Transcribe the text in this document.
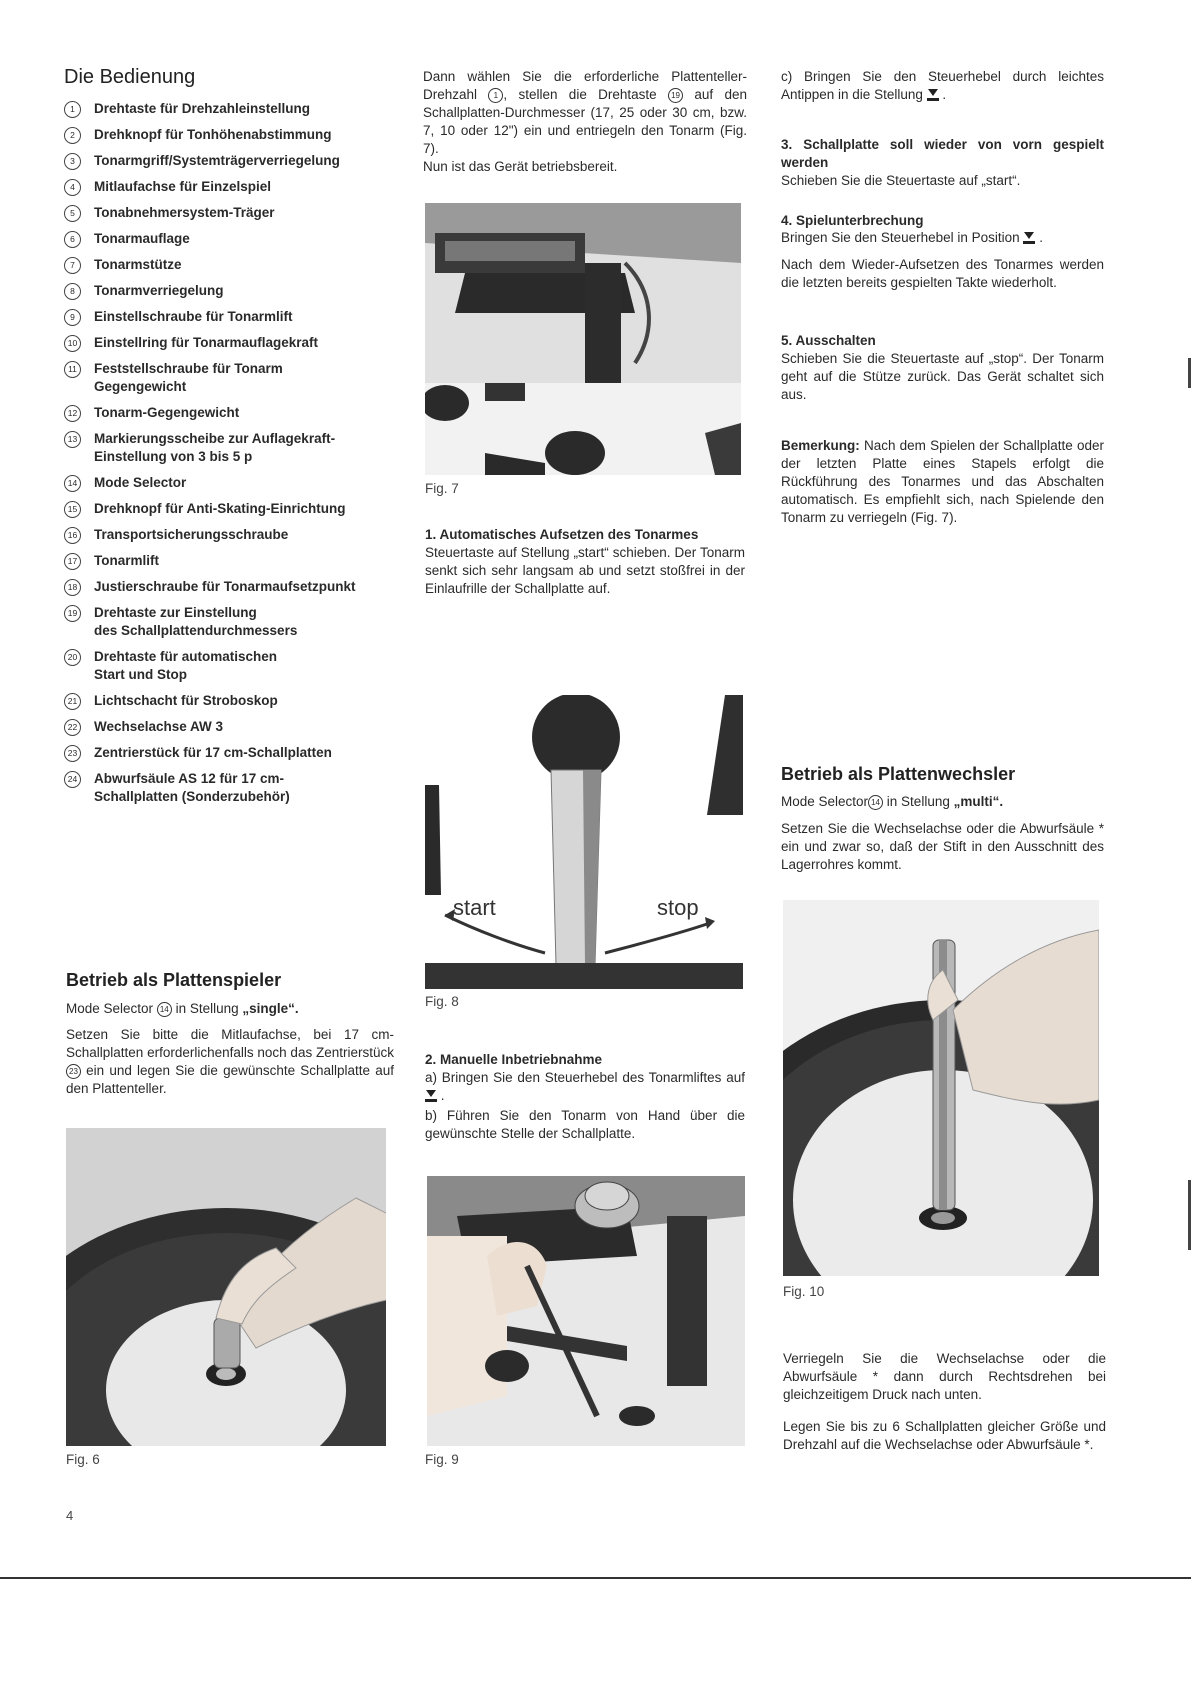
Die Bedienung
1	Drehtaste für Drehzahleinstellung
2	Drehknopf für Tonhöhenabstimmung
3	Tonarmgriff/Systemträgerverriegelung
4	Mitlaufachse für Einzelspiel
5	Tonabnehmersystem-Träger
6	Tonarmauflage
7	Tonarmstütze
8	Tonarmverriegelung
9	Einstellschraube für Tonarmlift
10 Einstellring für Tonarmauflagekraft
11	Feststellschraube für Tonarm
Gegengewicht
12 Tonarm-Gegengewicht
13 Markierungsscheibe zur Auflagekraft-
Einstellung von 3 bis 5 p
14 Mode Selector
15 Drehknopf für Anti-Skating-Einrichtung
16 Transportsicherungsschraube
17 Tonarmlift
18 Justierschraube für Tonarmaufsetzpunkt
19 Drehtaste zur Einstellung
des Schallplattendurchmessers
20 Drehtaste für automatischen
Start und Stop
21 Lichtschacht für Stroboskop
22 Wechselachse AW 3
23 Zentrierstück für 17 cm-Schallplatten
24 Abwurfsäule AS 12 für 17 cm-
Schallplatten (Sonderzubehör)
Betrieb als Plattenspieler
Mode Selector 14 in Stellung „single“.
Setzen Sie bitte die Mitlaufachse, bei 17 cm-Schallplatten erforderlichenfalls noch das Zentrierstück 23 ein und legen Sie die gewünschte Schallplatte auf den Plattenteller.
Fig. 6
4
Dann wählen Sie die erforderliche Plattenteller-Drehzahl 1 , stellen die Drehtaste 19 auf den Schallplatten-Durchmesser (17, 25 oder 30 cm, bzw. 7, 10 oder 12") ein und entriegeln den Tonarm (Fig. 7).
Nun ist das Gerät betriebsbereit.
Fig. 7
1. Automatisches Aufsetzen des Tonarmes
Steuertaste auf Stellung „start“ schieben. Der Tonarm senkt sich sehr langsam ab und setzt stoßfrei in der Einlaufrille der Schallplatte auf.
start	stop
Fig. 8
2. Manuelle Inbetriebnahme
a) Bringen Sie den Steuerhebel des Tonarmliftes auf  .
b) Führen Sie den Tonarm von Hand über die gewünschte Stelle der Schallplatte.
Fig. 9
c) Bringen Sie den Steuerhebel durch leichtes Antippen in die Stellung  .
3. Schallplatte soll wieder von vorn gespielt werden
Schieben Sie die Steuertaste auf „start“.
4. Spielunterbrechung
Bringen Sie den Steuerhebel in Position  .
Nach dem Wieder-Aufsetzen des Tonarmes werden die letzten bereits gespielten Takte wiederholt.
5. Ausschalten
Schieben Sie die Steuertaste auf „stop“. Der Tonarm geht auf die Stütze zurück. Das Gerät schaltet sich aus.
Bemerkung: Nach dem Spielen der Schallplatte oder der letzten Platte eines Stapels erfolgt die Rückführung des Tonarmes und das Abschalten automatisch. Es empfiehlt sich, nach Spielende den Tonarm zu verriegeln (Fig. 7).
Betrieb als Plattenwechsler
Mode Selector 14 in Stellung „multi“.
Setzen Sie die Wechselachse oder die Abwurfsäule * ein und zwar so, daß der Stift in den Ausschnitt des Lagerrohres kommt.
Fig. 10
Verriegeln Sie die Wechselachse oder die Abwurfsäule * dann durch Rechtsdrehen bei gleichzeitigem Druck nach unten.
Legen Sie bis zu 6 Schallplatten gleicher Größe und Drehzahl auf die Wechselachse oder Abwurfsäule *.
